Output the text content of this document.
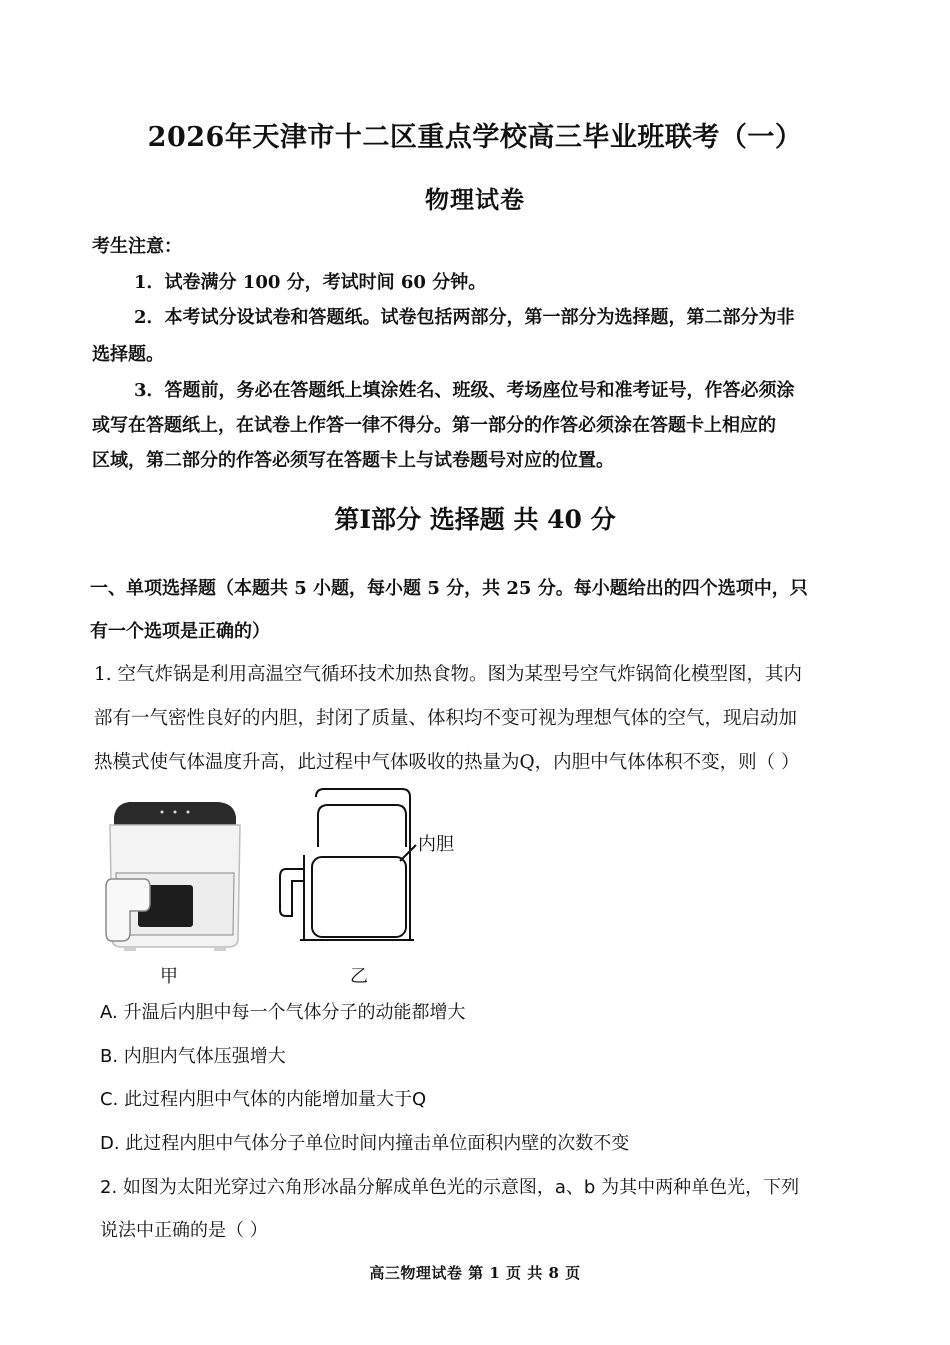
2026年天津市十二区重点学校高三毕业班联考（一）
物理试卷
考生注意：
1．试卷满分 100 分，考试时间 60 分钟。
2．本考试分设试卷和答题纸。试卷包括两部分，第一部分为选择题，第二部分为非
选择题。
3．答题前，务必在答题纸上填涂姓名、班级、考场座位号和准考证号，作答必须涂
或写在答题纸上，在试卷上作答一律不得分。第一部分的作答必须涂在答题卡上相应的
区域，第二部分的作答必须写在答题卡上与试卷题号对应的位置。
第Ⅰ部分 选择题 共 40 分
一、单项选择题（本题共 5 小题，每小题 5 分，共 25 分。每小题给出的四个选项中，只
有一个选项是正确的）
1. 空气炸锅是利用高温空气循环技术加热食物。图为某型号空气炸锅简化模型图，其内
部有一气密性良好的内胆，封闭了质量、体积均不变可视为理想气体的空气，现启动加
热模式使气体温度升高，此过程中气体吸收的热量为Q，内胆中气体体积不变，则（ ）
内胆
甲	乙
A. 升温后内胆中每一个气体分子的动能都增大
B. 内胆内气体压强增大
C. 此过程内胆中气体的内能增加量大于Q
D. 此过程内胆中气体分子单位时间内撞击单位面积内壁的次数不变
2. 如图为太阳光穿过六角形冰晶分解成单色光的示意图，a、b 为其中两种单色光，下列
说法中正确的是（ ）
高三物理试卷 第 1 页 共 8 页
